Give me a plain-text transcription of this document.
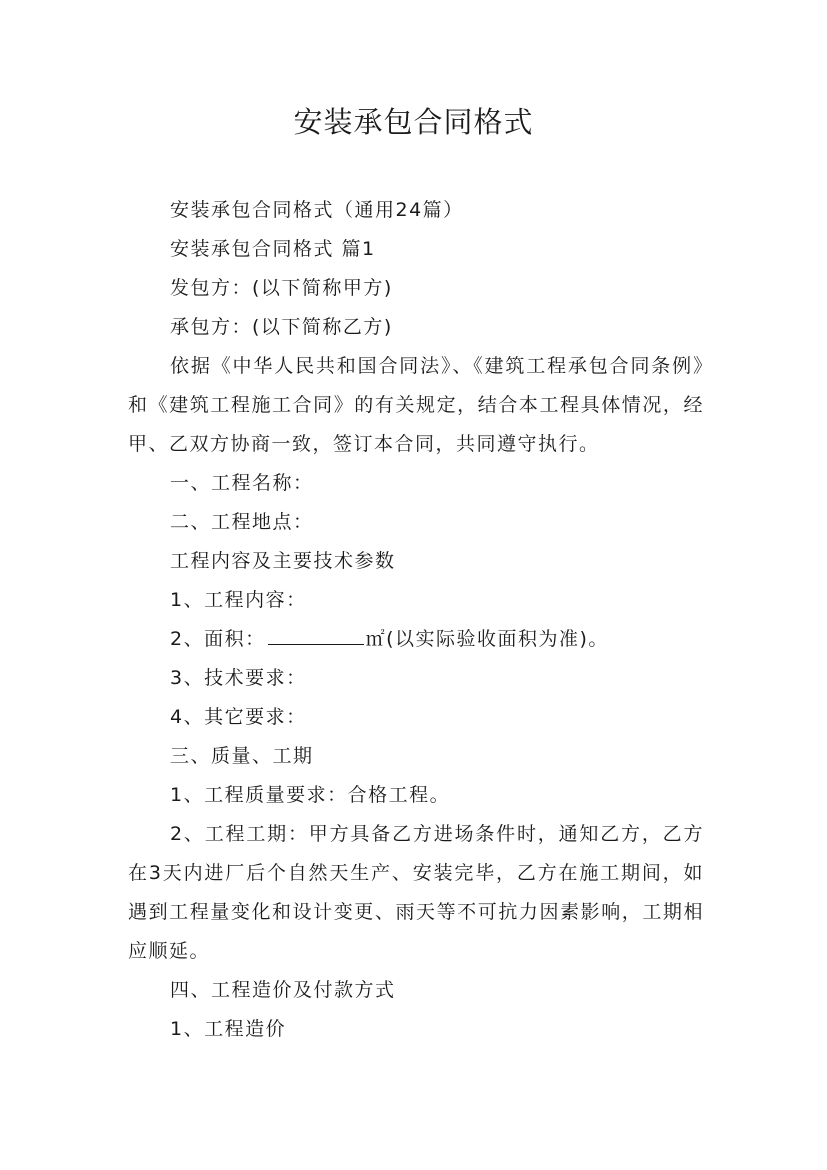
安装承包合同格式

安装承包合同格式（通用24篇）

安装承包合同格式 篇1

发包方：(以下简称甲方)

承包方：(以下简称乙方)

依据《中华人民共和国合同法》、《建筑工程承包合同条例》和《建筑工程施工合同》的有关规定，结合本工程具体情况，经甲、乙双方协商一致，签订本合同，共同遵守执行。

一、工程名称：

二、工程地点：

工程内容及主要技术参数

1、工程内容：

2、面积：	㎡(以实际验收面积为准)。

3、技术要求：

4、其它要求：

三、质量、工期

1、工程质量要求：合格工程。

2、工程工期：甲方具备乙方进场条件时，通知乙方，乙方在3天内进厂后个自然天生产、安装完毕，乙方在施工期间，如遇到工程量变化和设计变更、雨天等不可抗力因素影响，工期相应顺延。

四、工程造价及付款方式

1、工程造价
